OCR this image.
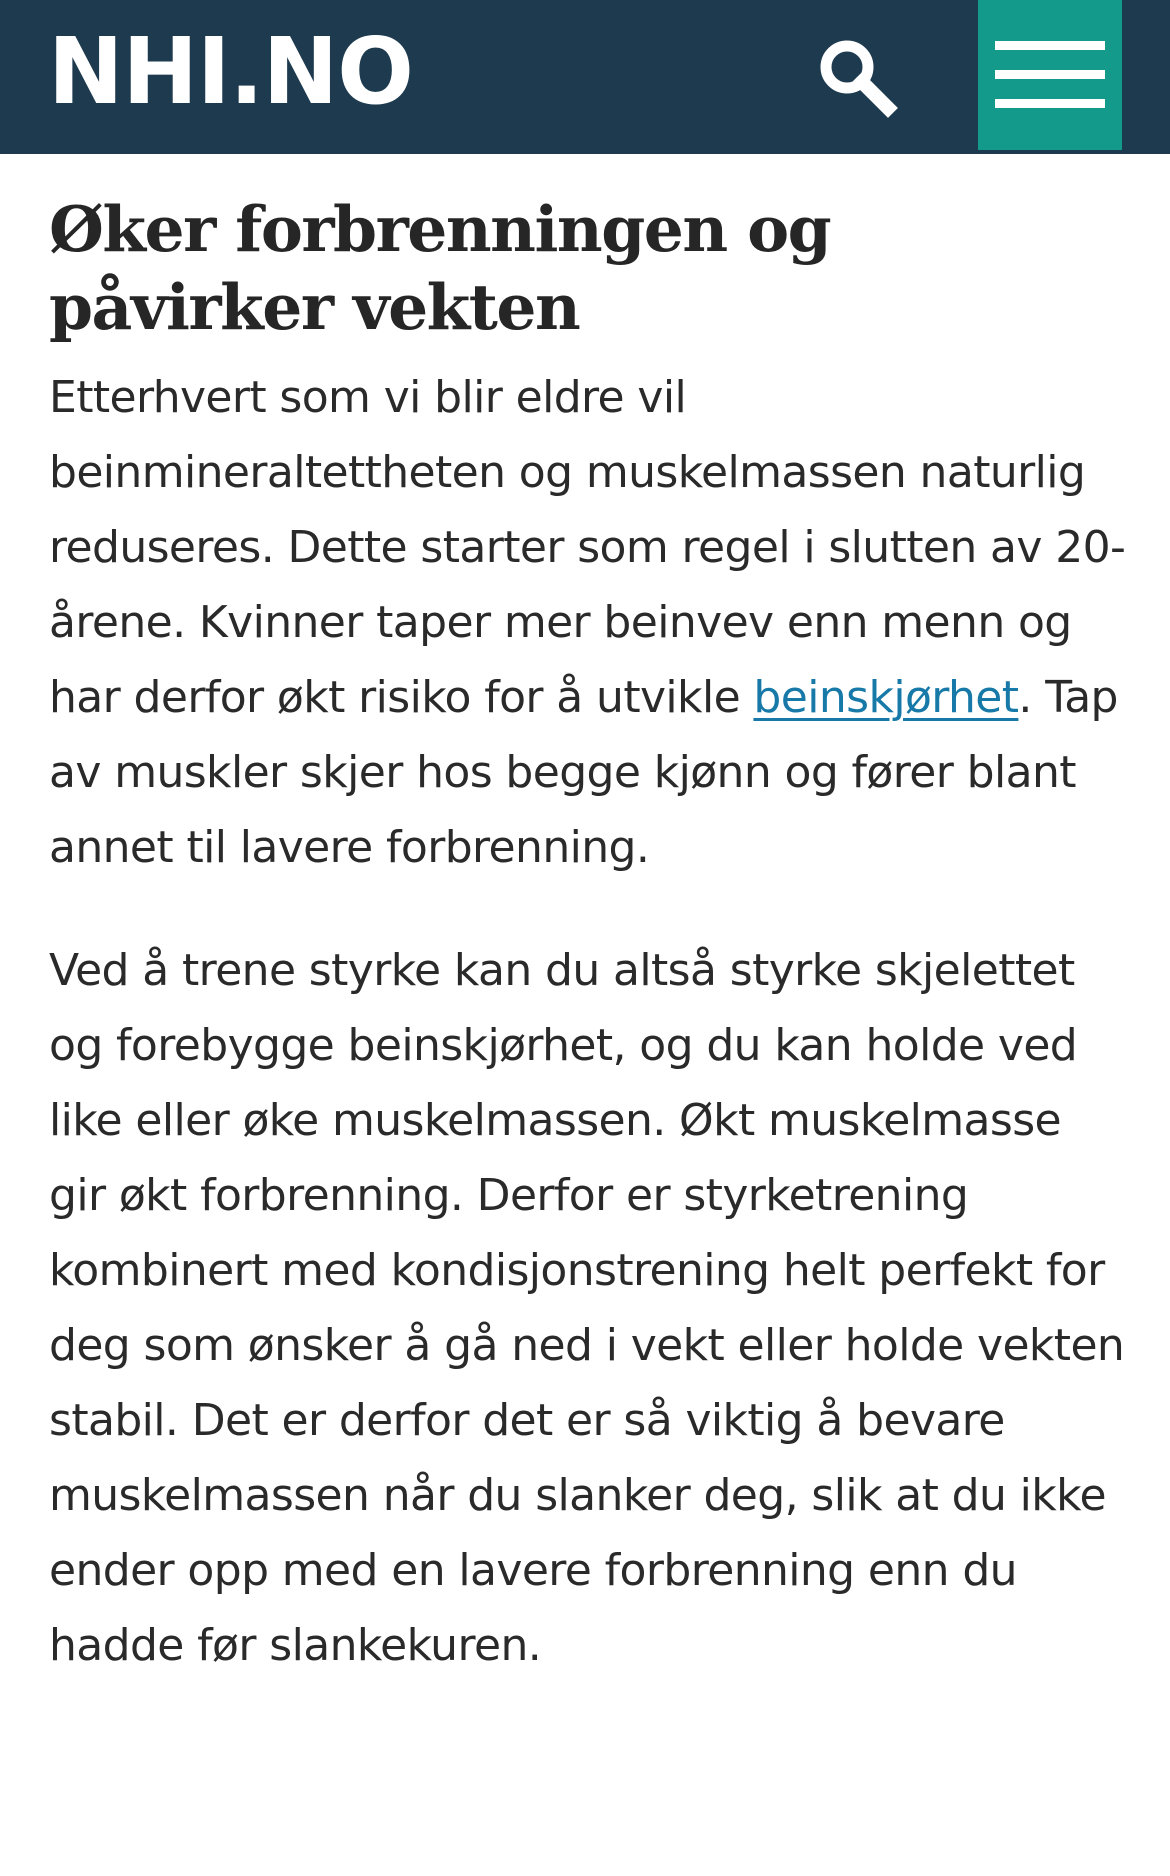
NHI.NO
Øker forbrenningen og påvirker vekten

Etterhvert som vi blir eldre vil beinmineraltettheten og muskelmassen naturlig reduseres. Dette starter som regel i slutten av 20-årene. Kvinner taper mer beinvev enn menn og har derfor økt risiko for å utvikle beinskjørhet. Tap av muskler skjer hos begge kjønn og fører blant annet til lavere forbrenning.

Ved å trene styrke kan du altså styrke skjelettet og forebygge beinskjørhet, og du kan holde ved like eller øke muskelmassen. Økt muskelmasse gir økt forbrenning. Derfor er styrketrening kombinert med kondisjonstrening helt perfekt for deg som ønsker å gå ned i vekt eller holde vekten stabil. Det er derfor det er så viktig å bevare muskelmassen når du slanker deg, slik at du ikke ender opp med en lavere forbrenning enn du hadde før slankekuren.
